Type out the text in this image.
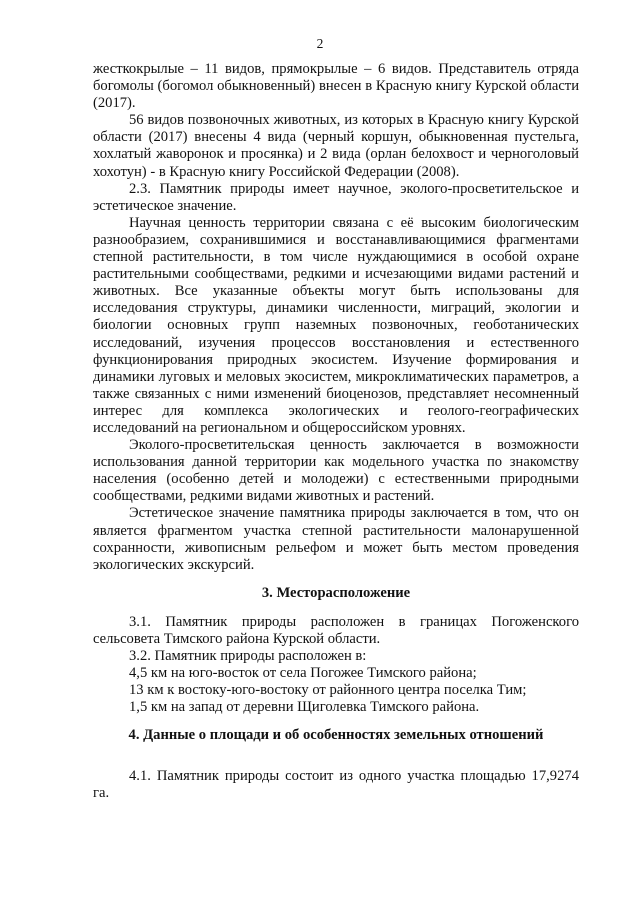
2

жесткокрылые – 11 видов, прямокрылые – 6 видов. Представитель отряда богомолы (богомол обыкновенный) внесен в Красную книгу Курской области (2017).

56 видов позвоночных животных, из которых в Красную книгу Курской области (2017) внесены 4 вида (черный коршун, обыкновенная пустельга, хохлатый жаворонок и просянка) и 2 вида (орлан белохвост и черноголовый хохотун) - в Красную книгу Российской Федерации (2008).

2.3. Памятник природы имеет научное, эколого-просветительское и эстетическое значение.

Научная ценность территории связана с её высоким биологическим разнообразием, сохранившимися и восстанавливающимися фрагментами степной растительности, в том числе нуждающимися в особой охране растительными сообществами, редкими и исчезающими видами растений и животных. Все указанные объекты могут быть использованы для исследования структуры, динамики численности, миграций, экологии и биологии основных групп наземных позвоночных, геоботанических исследований, изучения процессов восстановления и естественного функционирования природных экосистем. Изучение формирования и динамики луговых и меловых экосистем, микроклиматических параметров, а также связанных с ними изменений биоценозов, представляет несомненный интерес для комплекса экологических и геолого-географических исследований на региональном и общероссийском уровнях.

Эколого-просветительская ценность заключается в возможности использования данной территории как модельного участка по знакомству населения (особенно детей и молодежи) с естественными природными сообществами, редкими видами животных и растений.

Эстетическое значение памятника природы заключается в том, что он является фрагментом участка степной растительности малонарушенной сохранности, живописным рельефом и может быть местом проведения экологических экскурсий.

3. Месторасположение

3.1. Памятник природы расположен в границах Погоженского сельсовета Тимского района Курской области.

3.2. Памятник природы расположен в:

4,5 км на юго-восток от села Погожее Тимского района;

13 км к востоку-юго-востоку от районного центра поселка Тим;

1,5 км на запад от деревни Щиголевка Тимского района.

4. Данные о площади и об особенностях земельных отношений

4.1. Памятник природы состоит из одного участка площадью 17,9274 га.
